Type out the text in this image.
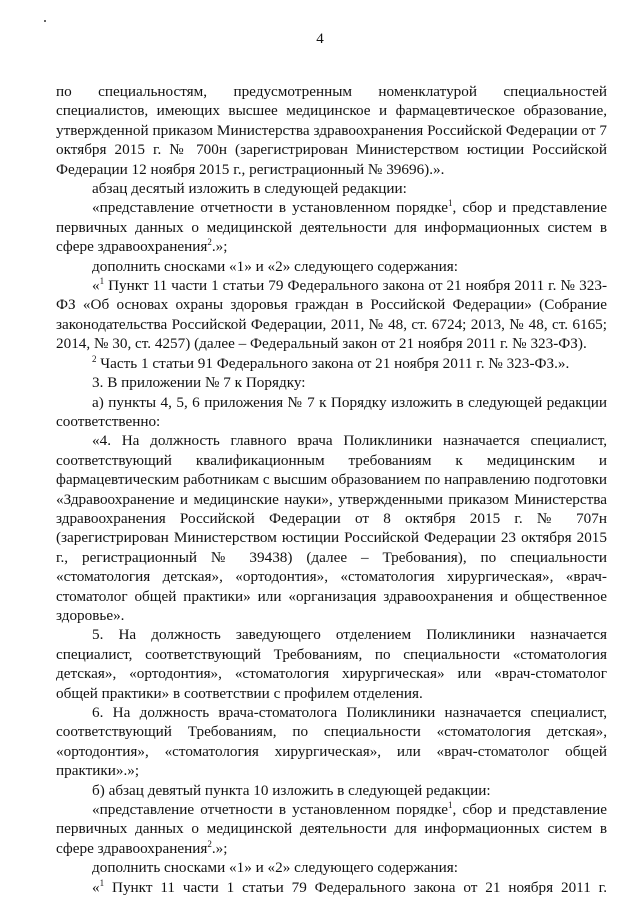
4

по специальностям, предусмотренным номенклатурой специальностей специалистов, имеющих высшее медицинское и фармацевтическое образование, утвержденной приказом Министерства здравоохранения Российской Федерации от 7 октября 2015 г. № 700н (зарегистрирован Министерством юстиции Российской Федерации 12 ноября 2015 г., регистрационный № 39696).».

абзац десятый изложить в следующей редакции:

«представление отчетности в установленном порядке$^1$, сбор и представление первичных данных о медицинской деятельности для информационных систем в сфере здравоохранения$^2$.»;

дополнить сносками «1» и «2» следующего содержания:

«$^1$ Пункт 11 части 1 статьи 79 Федерального закона от 21 ноября 2011 г. № 323-ФЗ «Об основах охраны здоровья граждан в Российской Федерации» (Собрание законодательства Российской Федерации, 2011, № 48, ст. 6724; 2013, № 48, ст. 6165; 2014, № 30, ст. 4257) (далее – Федеральный закон от 21 ноября 2011 г. № 323-ФЗ).

$^2$ Часть 1 статьи 91 Федерального закона от 21 ноября 2011 г. № 323-ФЗ.».

3. В приложении № 7 к Порядку:

а) пункты 4, 5, 6 приложения № 7 к Порядку изложить в следующей редакции соответственно:

«4. На должность главного врача Поликлиники назначается специалист, соответствующий квалификационным требованиям к медицинским и фармацевтическим работникам с высшим образованием по направлению подготовки «Здравоохранение и медицинские науки», утвержденными приказом Министерства здравоохранения Российской Федерации от 8 октября 2015 г. № 707н (зарегистрирован Министерством юстиции Российской Федерации 23 октября 2015 г., регистрационный № 39438) (далее – Требования), по специальности «стоматология детская», «ортодонтия», «стоматология хирургическая», «врач-стоматолог общей практики» или «организация здравоохранения и общественное здоровье».

5. На должность заведующего отделением Поликлиники назначается специалист, соответствующий Требованиям, по специальности «стоматология детская», «ортодонтия», «стоматология хирургическая» или «врач-стоматолог общей практики» в соответствии с профилем отделения.

6. На должность врача-стоматолога Поликлиники назначается специалист, соответствующий Требованиям, по специальности «стоматология детская», «ортодонтия», «стоматология хирургическая», или «врач-стоматолог общей практики».»;

б) абзац девятый пункта 10 изложить в следующей редакции:

«представление отчетности в установленном порядке$^1$, сбор и представление первичных данных о медицинской деятельности для информационных систем в сфере здравоохранения$^2$.»;

дополнить сносками «1» и «2» следующего содержания:

«$^1$ Пункт 11 части 1 статьи 79 Федерального закона от 21 ноября 2011 г.
